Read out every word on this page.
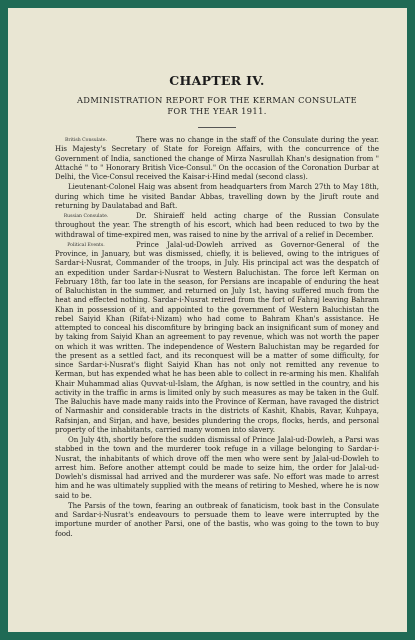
CHAPTER IV.
ADMINISTRATION REPORT FOR THE KERMAN CONSULATE
FOR THE YEAR 1911.

British Consulate.	There was no change in the staff of the Consulate during the year. His Majesty's Secretary of State for Foreign Affairs, with the concurrence of the Government of India, sanctioned the change of Mirza Nasrullah Khan's designation from " Attaché " to " Honorary British Vice-Consul." On the occasion of the Coronation Durbar at Delhi, the Vice-Consul received the Kaisar-i-Hind medal (second class).

Lieutenant-Colonel Haig was absent from headquarters from March 27th to May 18th, during which time he visited Bandar Abbas, travelling down by the Jiruft route and returning by Daulatabad and Baft.

Russian Consulate.	Dr. Shiraieff held acting charge of the Russian Consulate throughout the year. The strength of his escort, which had been reduced to two by the withdrawal of time-expired men, was raised to nine by the arrival of a relief in December.

Political Events.	Prince Jalal-ud-Dowleh arrived as Governor-General of the Province, in January, but was dismissed, chiefly, it is believed, owing to the intrigues of Sardar-i-Nusrat, Commander of the troops, in July. His principal act was the despatch of an expedition under Sardar-i-Nusrat to Western Baluchistan. The force left Kerman on February 18th, far too late in the season, for Persians are incapable of enduring the heat of Baluchistan in the summer, and returned on July 1st, having suffered much from the heat and effected nothing. Sardar-i-Nusrat retired from the fort of Fahraj leaving Bahram Khan in possession of it, and appointed to the government of Western Baluchistan the rebel Saiyid Khan (Rifat-i-Nizam) who had come to Bahram Khan's assistance. He attempted to conceal his discomfiture by bringing back an insignificant sum of money and by taking from Saiyid Khan an agreement to pay revenue, which was not worth the paper on which it was written. The independence of Western Baluchistan may be regarded for the present as a settled fact, and its reconquest will be a matter of some difficulty, for since Sardar-i-Nusrat's flight Saiyid Khan has not only not remitted any revenue to Kerman, but has expended what he has been able to collect in re-arming his men. Khalifah Khair Muhammad alias Quvvat-ul-Islam, the Afghan, is now settled in the country, and his activity in the traffic in arms is limited only by such measures as may be taken in the Gulf. The Baluchis have made many raids into the Province of Kerman, have ravaged the district of Narmashir and considerable tracts in the districts of Kashit, Khabis, Ravar, Kuhpaya, Rafsinjan, and Sirjan, and have, besides plundering the crops, flocks, herds, and personal property of the inhabitants, carried many women into slavery.

On July 4th, shortly before the sudden dismissal of Prince Jalal-ud-Dowleh, a Parsi was stabbed in the town and the murderer took refuge in a village belonging to Sardar-i-Nusrat, the inhabitants of which drove off the men who were sent by Jalal-ud-Dowleh to arrest him. Before another attempt could be made to seize him, the order for Jalal-ud-Dowleh's dismissal had arrived and the murderer was safe. No effort was made to arrest him and he was ultimately supplied with the means of retiring to Meshed, where he is now said to be.

The Parsis of the town, fearing an outbreak of fanaticism, took bast in the Consulate and Sardar-i-Nusrat's endeavours to persuade them to leave were interrupted by the importune murder of another Parsi, one of the bastis, who was going to the town to buy food.
